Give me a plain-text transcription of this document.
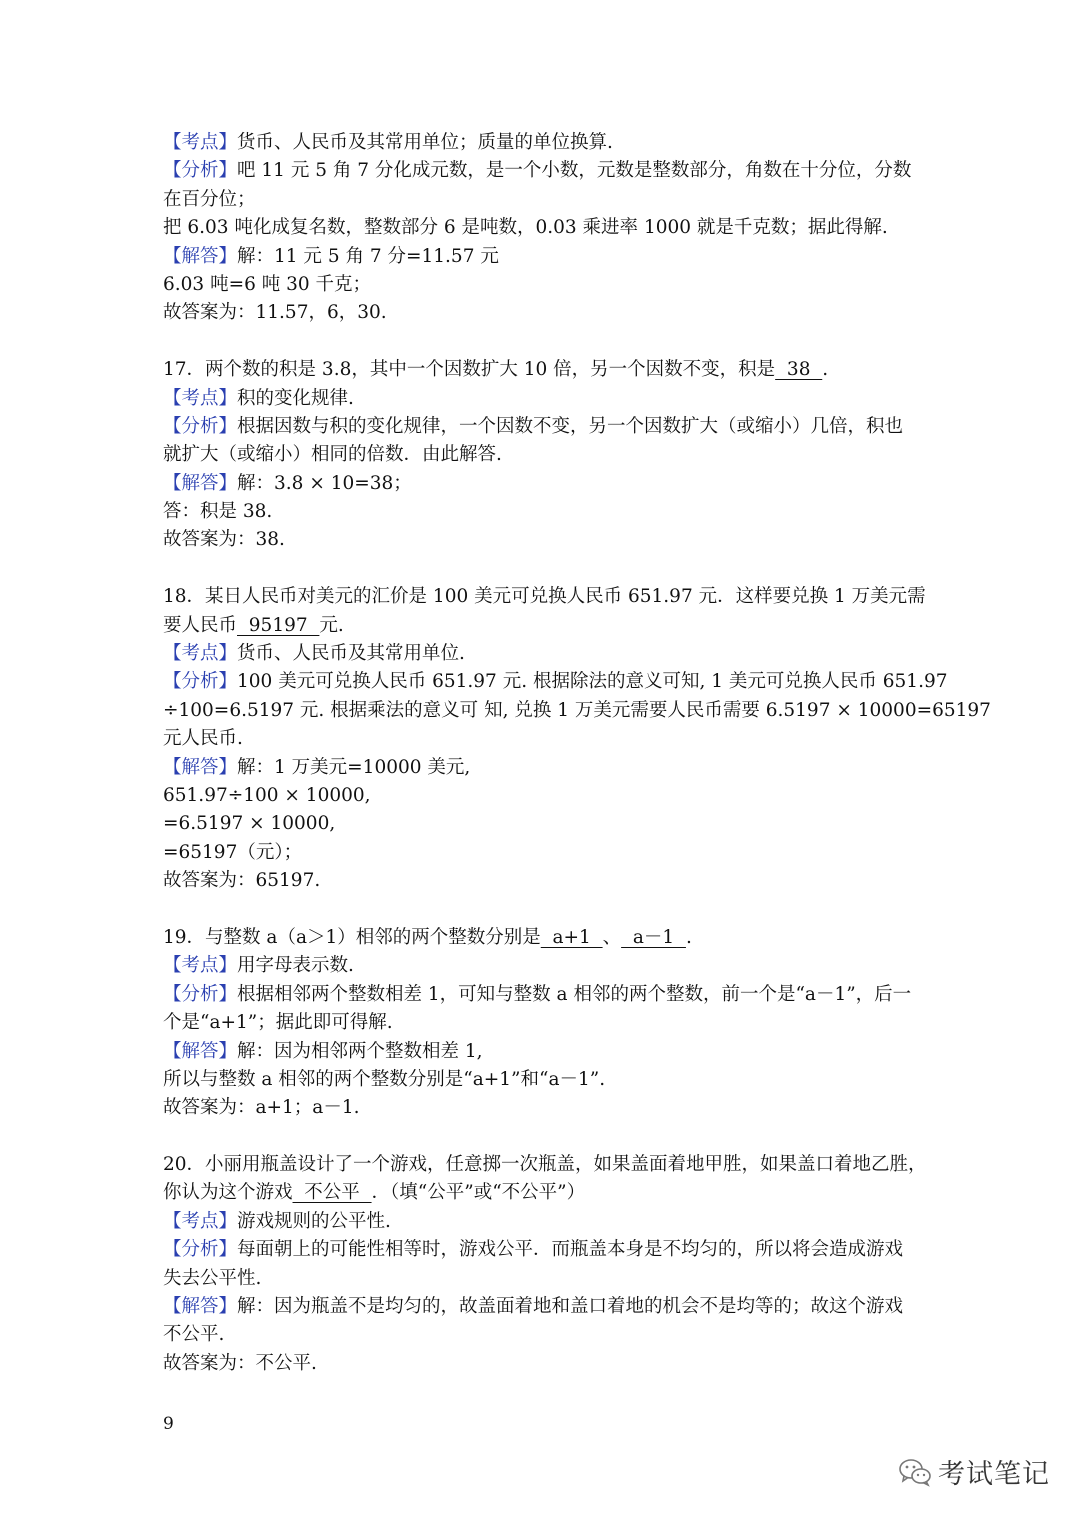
【考点】货币、人民币及其常用单位；质量的单位换算.
【分析】吧 11 元 5 角 7 分化成元数，是一个小数，元数是整数部分，角数在十分位，分数
在百分位；
把 6.03 吨化成复名数，整数部分 6 是吨数，0.03 乘进率 1000 就是千克数；据此得解.
【解答】解：11 元 5 角 7 分=11.57 元
6.03 吨=6 吨 30 千克；
故答案为：11.57，6，30.
17．两个数的积是 3.8，其中一个因数扩大 10 倍，另一个因数不变，积是  38  .
【考点】积的变化规律.
【分析】根据因数与积的变化规律，一个因数不变，另一个因数扩大（或缩小）几倍，积也
就扩大（或缩小）相同的倍数．由此解答.
【解答】解：3.8 × 10=38；
答：积是 38.
故答案为：38.
18．某日人民币对美元的汇价是 100 美元可兑换人民币 651.97 元．这样要兑换 1 万美元需
要人民币  95197  元.
【考点】货币、人民币及其常用单位.
【分析】100 美元可兑换人民币 651.97 元. 根据除法的意义可知, 1 美元可兑换人民币 651.97
÷100=6.5197 元. 根据乘法的意义可 知, 兑换 1 万美元需要人民币需要 6.5197 × 10000=65197
元人民币.
【解答】解：1 万美元=10000 美元,
651.97÷100 × 10000,
=6.5197 × 10000,
=65197（元）；
故答案为：65197.
19．与整数 a（a＞1）相邻的两个整数分别是  a+1  、  a－1  .
【考点】用字母表示数.
【分析】根据相邻两个整数相差 1，可知与整数 a 相邻的两个整数，前一个是“a－1”，后一
个是“a+1”；据此即可得解.
【解答】解：因为相邻两个整数相差 1,
所以与整数 a 相邻的两个整数分别是“a+1”和“a－1”.
故答案为：a+1；a－1.
20．小丽用瓶盖设计了一个游戏，任意掷一次瓶盖，如果盖面着地甲胜，如果盖口着地乙胜，
你认为这个游戏  不公平  ．（填“公平”或“不公平”）
【考点】游戏规则的公平性.
【分析】每面朝上的可能性相等时，游戏公平．而瓶盖本身是不均匀的，所以将会造成游戏
失去公平性.
【解答】解：因为瓶盖不是均匀的，故盖面着地和盖口着地的机会不是均等的；故这个游戏
不公平.
故答案为：不公平.
9
考试笔记
